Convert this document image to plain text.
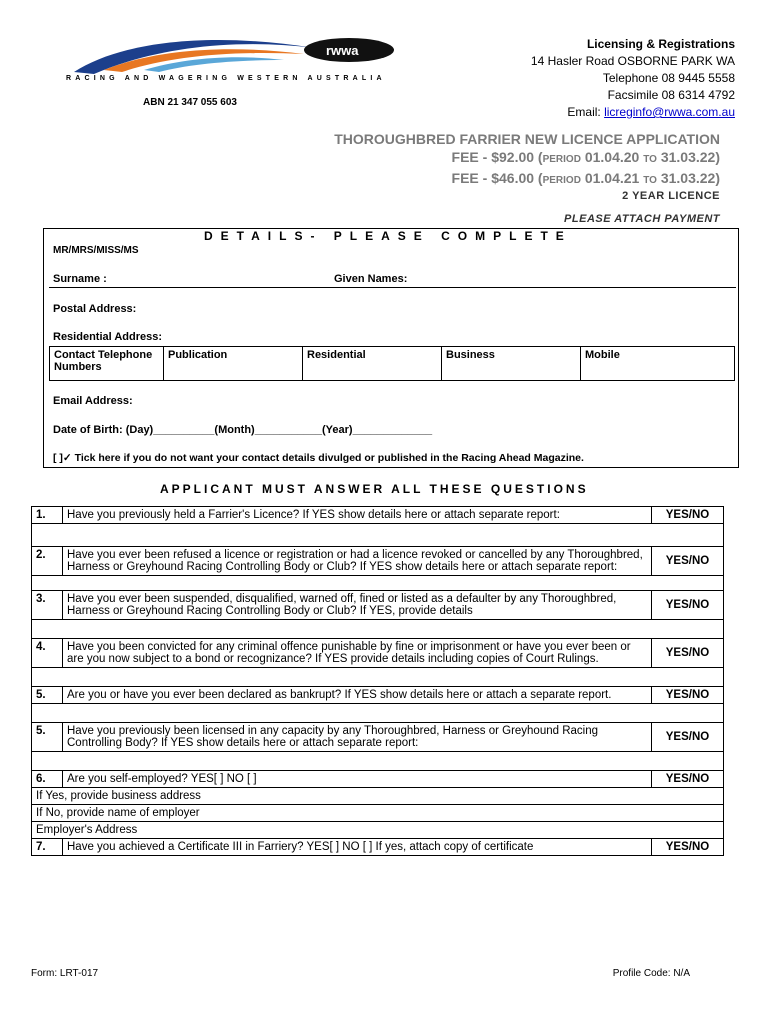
rwwa
RACING AND WAGERING WESTERN AUSTRALIA
ABN 21 347 055 603
Licensing & Registrations
14 Hasler Road OSBORNE PARK WA
Telephone 08 9445 5558
Facsimile 08 6314 4792
Email: licreginfo@rwwa.com.au
THOROUGHBRED FARRIER NEW LICENCE APPLICATION
FEE - $92.00 (PERIOD 01.04.20 TO 31.03.22)
FEE - $46.00 (PERIOD 01.04.21 TO 31.03.22)
2 YEAR LICENCE
PLEASE ATTACH PAYMENT
DETAILS- PLEASE COMPLETE
MR/MRS/MISS/MS
Surname :	Given Names:
Postal Address:
Residential Address:
Contact Telephone Numbers	Publication	Residential	Business	Mobile
Email Address:
Date of Birth: (Day)__________(Month)___________(Year)_____________
[ ]✓ Tick here if you do not want your contact details divulged or published in the Racing Ahead Magazine.
APPLICANT MUST ANSWER ALL THESE QUESTIONS
1.	Have you previously held a Farrier's Licence? If YES show details here or attach separate report:	YES/NO

2.	Have you ever been refused a licence or registration or had a licence revoked or cancelled by any Thoroughbred, Harness or Greyhound Racing Controlling Body or Club? If YES show details here or attach separate report:	YES/NO

3.	Have you ever been suspended, disqualified, warned off, fined or listed as a defaulter by any Thoroughbred, Harness or Greyhound Racing Controlling Body or Club? If YES, provide details	YES/NO

4.	Have you been convicted for any criminal offence punishable by fine or imprisonment or have you ever been or are you now subject to a bond or recognizance? If YES provide details including copies of Court Rulings.	YES/NO

5.	Are you or have you ever been declared as bankrupt? If YES show details here or attach a separate report.	YES/NO

5.	Have you previously been licensed in any capacity by any Thoroughbred, Harness or Greyhound Racing Controlling Body? If YES show details here or attach separate report:	YES/NO

6.	Are you self-employed? YES[ ] NO [ ]	YES/NO
If Yes, provide business address		
If No, provide name of employer		
Employer's Address		
7.	Have you achieved a Certificate III in Farriery? YES[ ] NO [ ] If yes, attach copy of certificate	YES/NO
Form: LRT-017	Profile Code: N/A
